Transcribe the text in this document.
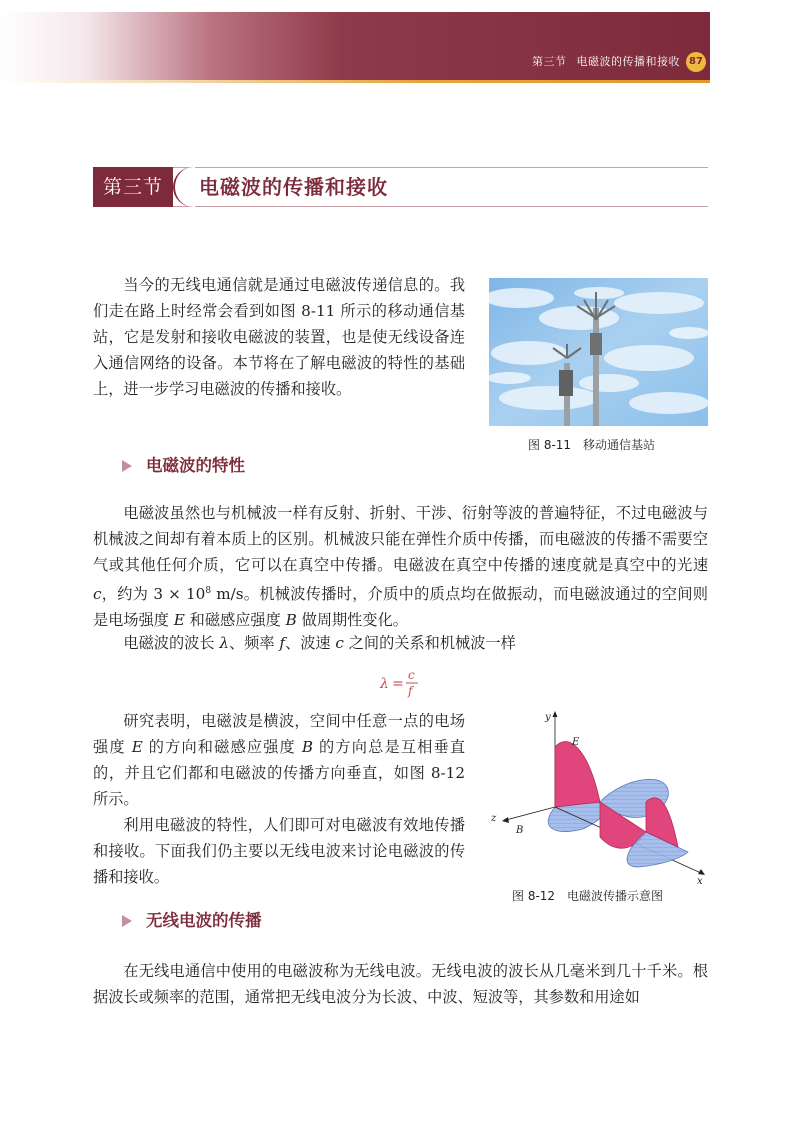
第三节 电磁波的传播和接收 87
第三节	电磁波的传播和接收

当今的无线电通信就是通过电磁波传递信息的。我们走在路上时经常会看到如图 8-11 所示的移动通信基站，它是发射和接收电磁波的装置，也是使无线设备连入通信网络的设备。本节将在了解电磁波的特性的基础上，进一步学习电磁波的传播和接收。

图 8-11　移动通信基站
电磁波的特性

电磁波虽然也与机械波一样有反射、折射、干涉、衍射等波的普遍特征，不过电磁波与机械波之间却有着本质上的区别。机械波只能在弹性介质中传播，而电磁波的传播不需要空气或其他任何介质，它可以在真空中传播。电磁波在真空中传播的速度就是真空中的光速 c，约为 $3 \times 10^8$ m/s。机械波传播时，介质中的质点均在做振动，而电磁波通过的空间则是电场强度 E 和磁感应强度 B 做周期性变化。

电磁波的波长 λ、频率 f、波速 c 之间的关系和机械波一样

λ =
c
f

研究表明，电磁波是横波，空间中任意一点的电场强度 E 的方向和磁感应强度 B 的方向总是互相垂直的，并且它们都和电磁波的传播方向垂直，如图 8-12 所示。

利用电磁波的特性，人们即可对电磁波有效地传播和接收。下面我们仍主要以无线电波来讨论电磁波的传播和接收。

y
z
x
E
B
图 8-12　电磁波传播示意图
无线电波的传播

在无线电通信中使用的电磁波称为无线电波。无线电波的波长从几毫米到几十千米。根据波长或频率的范围，通常把无线电波分为长波、中波、短波等，其参数和用途如
